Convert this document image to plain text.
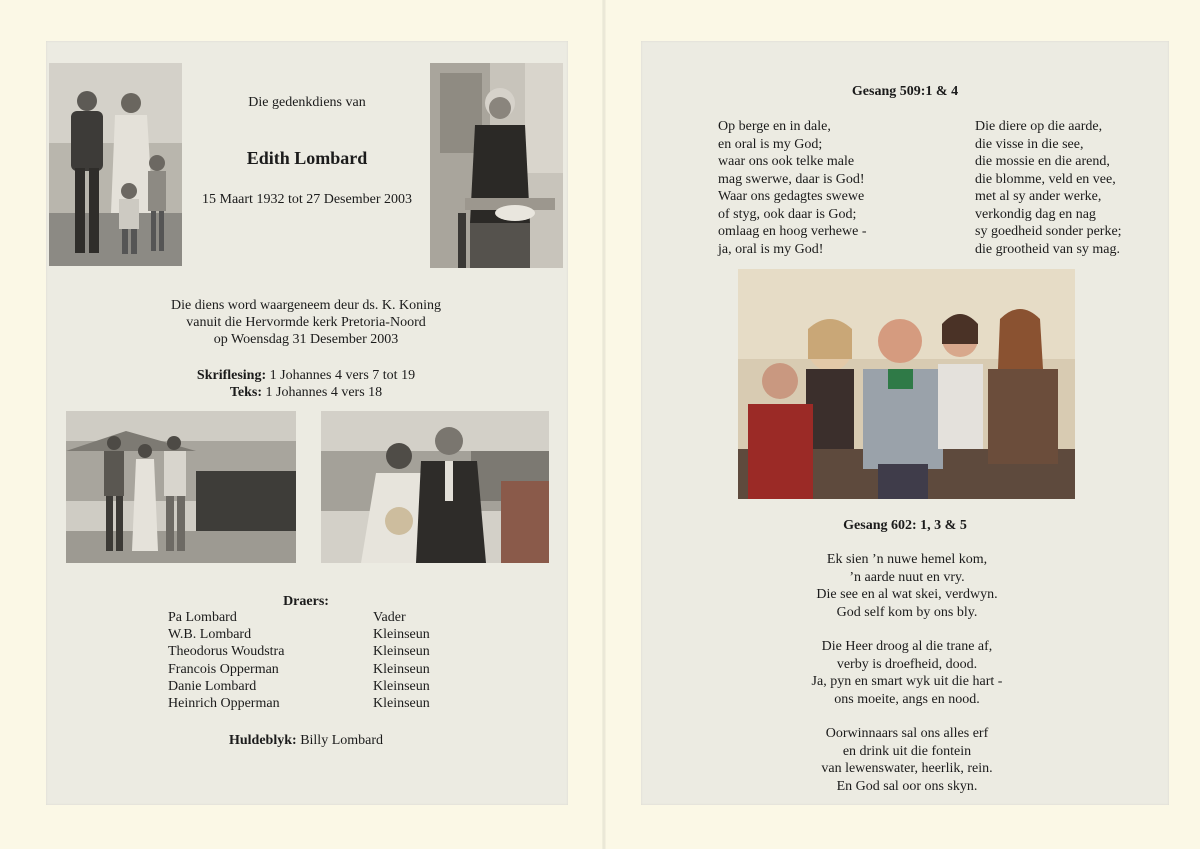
Die gedenkdiens van
Edith Lombard
15 Maart 1932 tot 27 Desember 2003
Die diens word waargeneem deur ds. K. Koning
vanuit die Hervormde kerk Pretoria-Noord
op Woensdag 31 Desember 2003
Skriflesing: 1 Johannes 4 vers 7 tot 19
Teks: 1 Johannes 4 vers 18
Draers:
Pa Lombard	Vader
W.B. Lombard	Kleinseun
Theodorus Woudstra	Kleinseun
Francois Opperman	Kleinseun
Danie Lombard	Kleinseun
Heinrich Opperman	Kleinseun
Huldeblyk: Billy Lombard
Gesang 509:1 & 4
Op berge en in dale,
en oral is my God;
waar ons ook telke male
mag swerwe, daar is God!
Waar ons gedagtes swewe
of styg, ook daar is God;
omlaag en hoog verhewe -
ja, oral is my God!
Die diere op die aarde,
die visse in die see,
die mossie en die arend,
die blomme, veld en vee,
met al sy ander werke,
verkondig dag en nag
sy goedheid sonder perke;
die grootheid van sy mag.
Gesang 602: 1, 3 & 5
Ek sien ’n nuwe hemel kom,
’n aarde nuut en vry.
Die see en al wat skei, verdwyn.
God self kom by ons bly.
Die Heer droog al die trane af,
verby is droefheid, dood.
Ja, pyn en smart wyk uit die hart -
ons moeite, angs en nood.
Oorwinnaars sal ons alles erf
en drink uit die fontein
van lewenswater, heerlik, rein.
En God sal oor ons skyn.
